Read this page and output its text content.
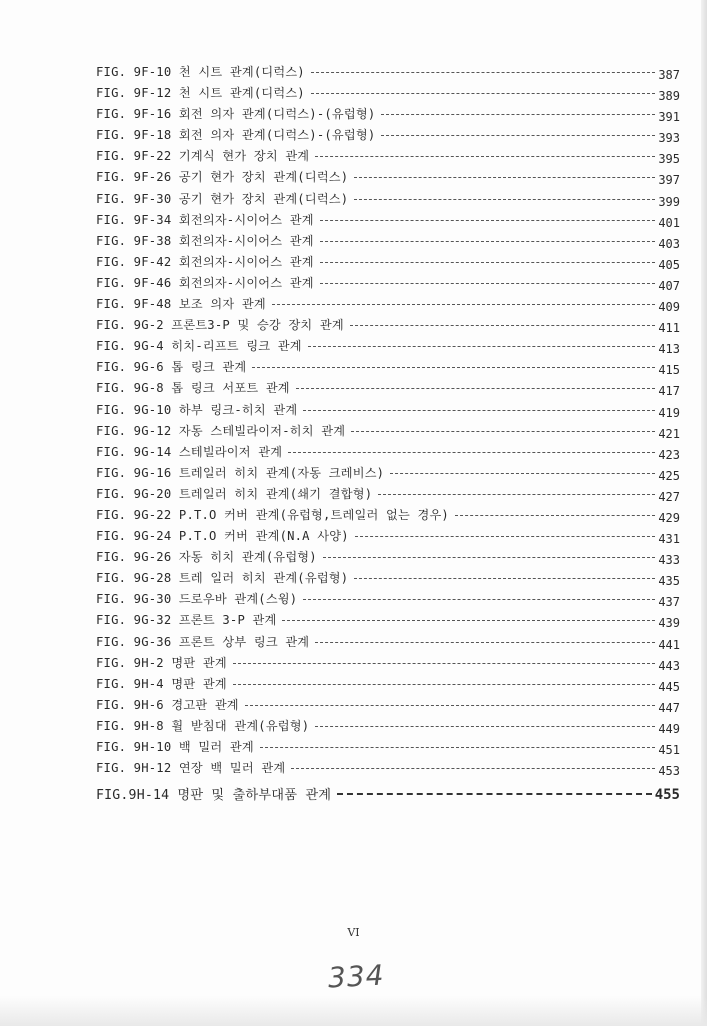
FIG. 9F-10 천 시트 관계(디럭스)	387
FIG. 9F-12 천 시트 관계(디럭스)	389
FIG. 9F-16 회전 의자 관계(디럭스)-(유럽형)	391
FIG. 9F-18 회전 의자 관계(디럭스)-(유럽형)	393
FIG. 9F-22 기계식 현가 장치 관계	395
FIG. 9F-26 공기 현가 장치 관계(디럭스)	397
FIG. 9F-30 공기 현가 장치 관계(디럭스)	399
FIG. 9F-34 회전의자-시이어스 관계	401
FIG. 9F-38 회전의자-시이어스 관계	403
FIG. 9F-42 회전의자-시이어스 관계	405
FIG. 9F-46 회전의자-시이어스 관계	407
FIG. 9F-48 보조 의자 관계	409
FIG. 9G-2 프론트3-P 및 승강 장치 관계	411
FIG. 9G-4 히치-리프트 링크 관계	413
FIG. 9G-6 톱 링크 관계	415
FIG. 9G-8 톱 링크 서포트 관계	417
FIG. 9G-10 하부 링크-히치 관계	419
FIG. 9G-12 자동 스테빌라이저-히치 관계	421
FIG. 9G-14 스테빌라이저 관계	423
FIG. 9G-16 트레일러 히치 관계(자동 크레비스)	425
FIG. 9G-20 트레일러 히치 관계(쇄기 결합형)	427
FIG. 9G-22 P.T.O 커버 관계(유럽형,트레일러 없는 경우)	429
FIG. 9G-24 P.T.O 커버 관계(N.A 사양)	431
FIG. 9G-26 자동 히치 관계(유럽형)	433
FIG. 9G-28 트레 일러 히치 관계(유럽형)	435
FIG. 9G-30 드로우바 관계(스윙)	437
FIG. 9G-32 프론트 3-P 관계	439
FIG. 9G-36 프론트 상부 링크 관계	441
FIG. 9H-2 명판 관계	443
FIG. 9H-4 명판 관계	445
FIG. 9H-6 경고판 관계	447
FIG. 9H-8 휠 받침대 관계(유럽형)	449
FIG. 9H-10 백 밀러 관계	451
FIG. 9H-12 연장 백 밀러 관계	453
FIG.9H-14 명판 및 출하부대품 관계	455
VI
334
